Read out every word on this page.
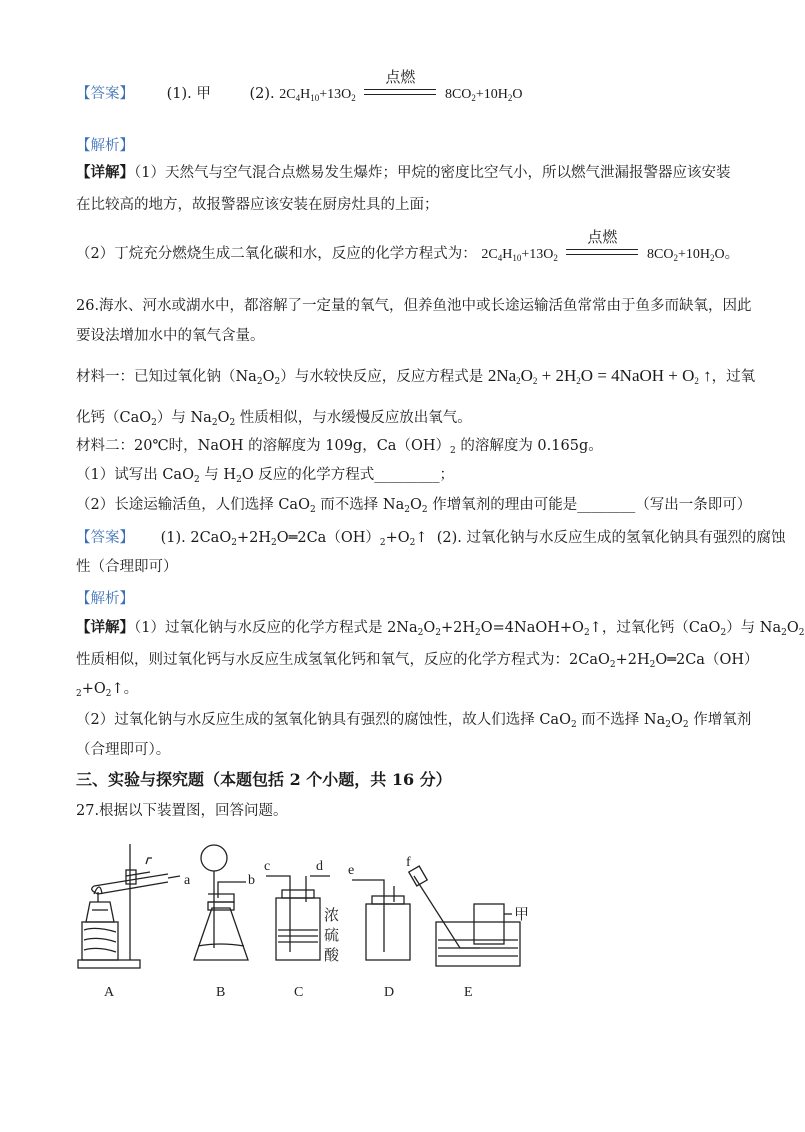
【答案】 (1). 甲	(2). $2C_4H_{10}+13O_2$
点燃
$8CO_2+10H_2O$
【解析】
【详解】（1）天然气与空气混合点燃易发生爆炸；甲烷的密度比空气小，所以燃气泄漏报警器应该安装
在比较高的地方，故报警器应该安装在厨房灶具的上面；
（2）丁烷充分燃烧生成二氧化碳和水，反应的化学方程式为： $2C_4H_{10}+13O_2$
点燃
$8CO_2+10H_2O$。
26.海水、河水或湖水中，都溶解了一定量的氧气，但养鱼池中或长途运输活鱼常常由于鱼多而缺氧，因此
要设法增加水中的氧气含量。
材料一：已知过氧化钠$(Na_2O_2)$与水较快反应，反应方程式是 $2Na_2O_2 + 2H_2O$ = 4NaOH + $O_2$ ↑，过氧
化钙（CaO$_2$）与 $Na_2O_2$ 性质相似，与水缓慢反应放出氧气。
材料二：20℃时，NaOH 的溶解度为 109g，$Ca(OH)_2$ 的溶解度为 0.165g。
（1）试写出 CaO$_2$ 与 $H_2O$ 反应的化学方程式_________；
（2）长途运输活鱼，人们选择 CaO$_2$ 而不选择 $Na_2O_2$ 作增氧剂的理由可能是________（写出一条即可）
【答案】 (1). $2CaO_2+2H_2O═2Ca(OH)_2+O_2↑$  (2). 过氧化钠与水反应生成的氢氧化钠具有强烈的腐蚀
性（合理即可）
【解析】
【详解】（1）过氧化钠与水反应的化学方程式是 $2Na_2O_2+2H_2O=4NaOH+O_2↑$，过氧化钙（CaO$_2$）与 $Na_2O_2$
性质相似，则过氧化钙与水反应生成氢氧化钙和氧气，反应的化学方程式为：$2CaO_2+2H_2O═2Ca(OH)$
$_2+O_2↑$。
（2）过氧化钠与水反应生成的氢氧化钠具有强烈的腐蚀性，故人们选择 CaO$_2$ 而不选择 $Na_2O_2$ 作增氧剂
（合理即可）。
三、实验与探究题（本题包括 2 个小题，共 16 分）
27.根据以下装置图，回答问题。
a	b
c	d e
f
浓
硫
酸
甲
A	B	C	D	E
